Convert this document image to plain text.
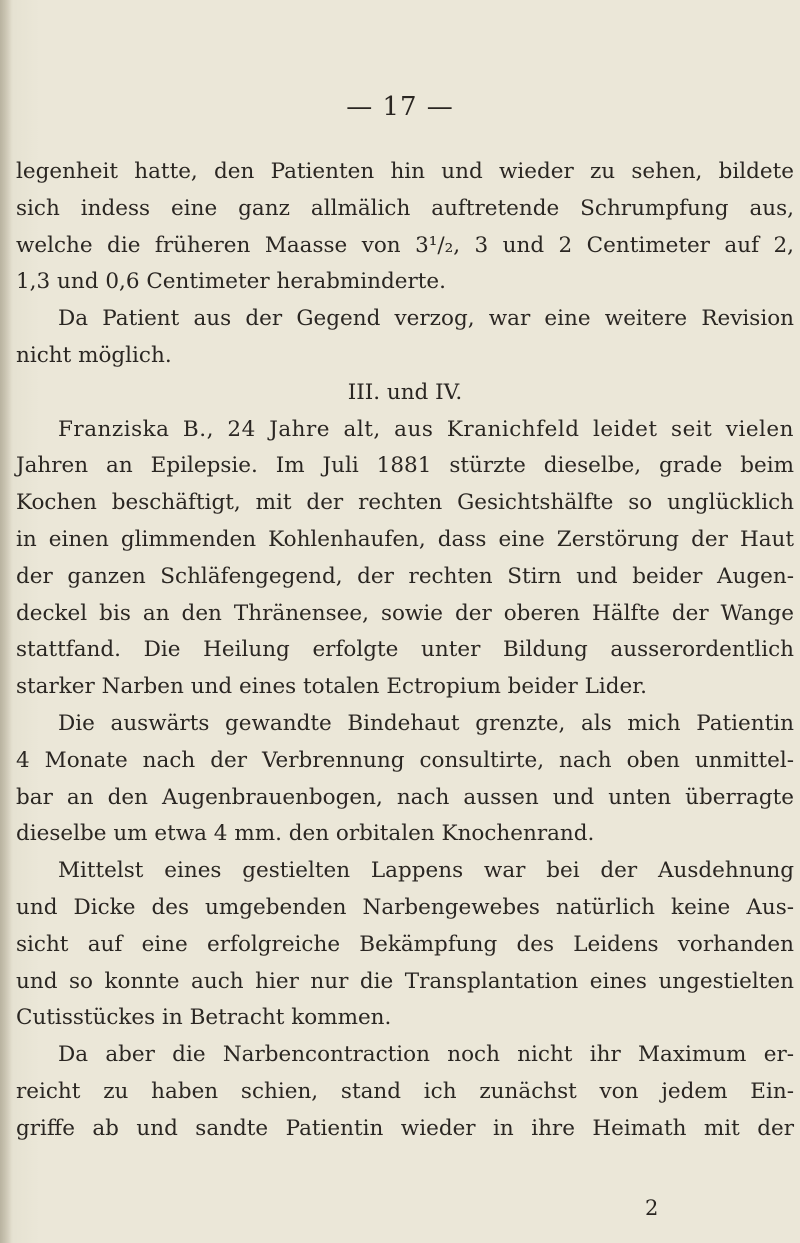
— 17 —
legenheit hatte, den Patienten hin und wieder zu sehen, bildete
sich indess eine ganz allmälich auftretende Schrumpfung aus,
welche die früheren Maasse von 3¹/₂, 3 und 2 Centimeter auf 2,
1,3 und 0,6 Centimeter herabminderte.
Da Patient aus der Gegend verzog, war eine weitere Revision
nicht möglich.
III. und IV.
Franziska B., 24 Jahre alt, aus Kranichfeld leidet seit vielen
Jahren an Epilepsie. Im Juli 1881 stürzte dieselbe, grade beim
Kochen beschäftigt, mit der rechten Gesichtshälfte so unglücklich
in einen glimmenden Kohlenhaufen, dass eine Zerstörung der Haut
der ganzen Schläfengegend, der rechten Stirn und beider Augen-
deckel bis an den Thränensee, sowie der oberen Hälfte der Wange
stattfand. Die Heilung erfolgte unter Bildung ausserordentlich
starker Narben und eines totalen Ectropium beider Lider.
Die auswärts gewandte Bindehaut grenzte, als mich Patientin
4 Monate nach der Verbrennung consultirte, nach oben unmittel-
bar an den Augenbrauenbogen, nach aussen und unten überragte
dieselbe um etwa 4 mm. den orbitalen Knochenrand.
Mittelst eines gestielten Lappens war bei der Ausdehnung
und Dicke des umgebenden Narbengewebes natürlich keine Aus-
sicht auf eine erfolgreiche Bekämpfung des Leidens vorhanden
und so konnte auch hier nur die Transplantation eines ungestielten
Cutisstückes in Betracht kommen.
Da aber die Narbencontraction noch nicht ihr Maximum er-
reicht zu haben schien, stand ich zunächst von jedem Ein-
griffe ab und sandte Patientin wieder in ihre Heimath mit der
2
